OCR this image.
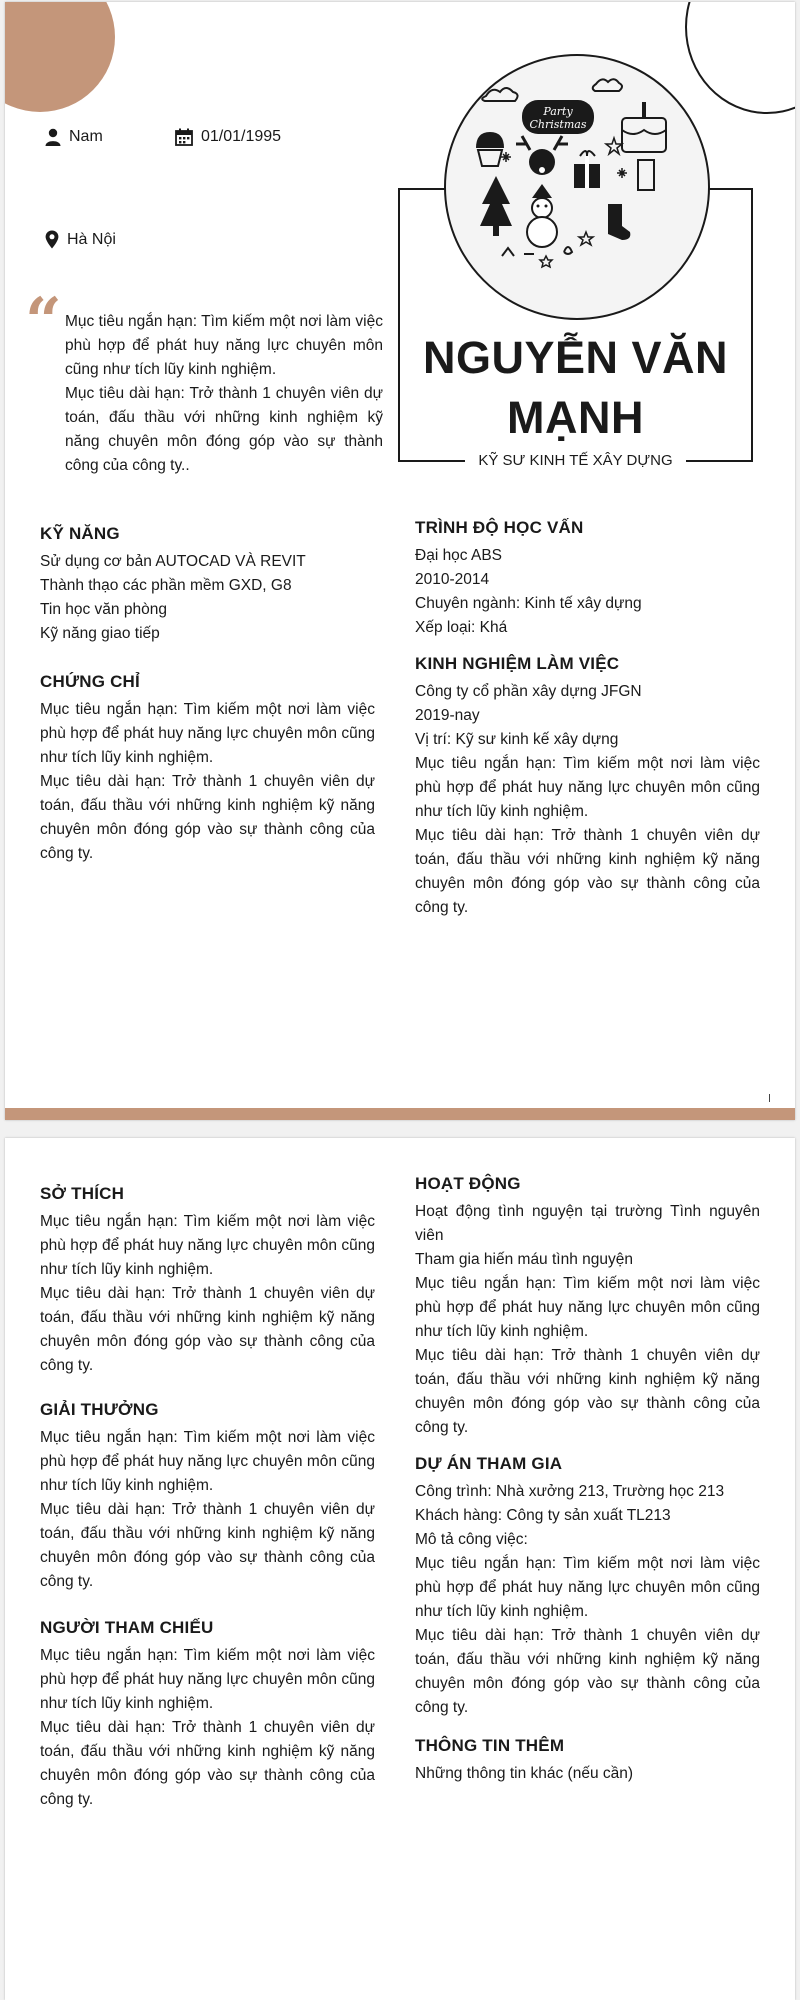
Nam	01/01/1995
Hà Nội
“ Mục tiêu ngắn hạn: Tìm kiếm một nơi làm việc phù hợp để phát huy năng lực chuyên môn cũng như tích lũy kinh nghiệm.

Mục tiêu dài hạn: Trở thành 1 chuyên viên dự toán, đấu thầu với những kinh nghiệm kỹ năng chuyên môn đóng góp vào sự thành công của công ty..

Party
Christmas
NGUYỄN VĂN
MẠNH
KỸ SƯ KINH TẾ XÂY DỰNG
KỸ NĂNG

Sử dụng cơ bản AUTOCAD VÀ REVIT

Thành thạo các phần mềm GXD, G8

Tin học văn phòng

Kỹ năng giao tiếp

CHỨNG CHỈ

Mục tiêu ngắn hạn: Tìm kiếm một nơi làm việc phù hợp để phát huy năng lực chuyên môn cũng như tích lũy kinh nghiệm.

Mục tiêu dài hạn: Trở thành 1 chuyên viên dự toán, đấu thầu với những kinh nghiệm kỹ năng chuyên môn đóng góp vào sự thành công của công ty.

TRÌNH ĐỘ HỌC VẤN

Đại học ABS

2010-2014

Chuyên ngành: Kinh tế xây dựng

Xếp loại: Khá

KINH NGHIỆM LÀM VIỆC

Công ty cổ phần xây dựng JFGN

2019-nay

Vị trí: Kỹ sư kinh kế xây dựng

Mục tiêu ngắn hạn: Tìm kiếm một nơi làm việc phù hợp để phát huy năng lực chuyên môn cũng như tích lũy kinh nghiệm.

Mục tiêu dài hạn: Trở thành 1 chuyên viên dự toán, đấu thầu với những kinh nghiệm kỹ năng chuyên môn đóng góp vào sự thành công của công ty.

SỞ THÍCH

Mục tiêu ngắn hạn: Tìm kiếm một nơi làm việc phù hợp để phát huy năng lực chuyên môn cũng như tích lũy kinh nghiệm.

Mục tiêu dài hạn: Trở thành 1 chuyên viên dự toán, đấu thầu với những kinh nghiệm kỹ năng chuyên môn đóng góp vào sự thành công của công ty.

GIẢI THƯỞNG

Mục tiêu ngắn hạn: Tìm kiếm một nơi làm việc phù hợp để phát huy năng lực chuyên môn cũng như tích lũy kinh nghiệm.

Mục tiêu dài hạn: Trở thành 1 chuyên viên dự toán, đấu thầu với những kinh nghiệm kỹ năng chuyên môn đóng góp vào sự thành công của công ty.

NGƯỜI THAM CHIẾU

Mục tiêu ngắn hạn: Tìm kiếm một nơi làm việc phù hợp để phát huy năng lực chuyên môn cũng như tích lũy kinh nghiệm.

Mục tiêu dài hạn: Trở thành 1 chuyên viên dự toán, đấu thầu với những kinh nghiệm kỹ năng chuyên môn đóng góp vào sự thành công của công ty.

HOẠT ĐỘNG

Hoạt động tình nguyện tại trường Tình nguyên viên

Tham gia hiến máu tình nguyện

Mục tiêu ngắn hạn: Tìm kiếm một nơi làm việc phù hợp để phát huy năng lực chuyên môn cũng như tích lũy kinh nghiệm.

Mục tiêu dài hạn: Trở thành 1 chuyên viên dự toán, đấu thầu với những kinh nghiệm kỹ năng chuyên môn đóng góp vào sự thành công của công ty.

DỰ ÁN THAM GIA

Công trình: Nhà xưởng 213, Trường học 213

Khách hàng: Công ty sản xuất TL213

Mô tả công việc:

Mục tiêu ngắn hạn: Tìm kiếm một nơi làm việc phù hợp để phát huy năng lực chuyên môn cũng như tích lũy kinh nghiệm.

Mục tiêu dài hạn: Trở thành 1 chuyên viên dự toán, đấu thầu với những kinh nghiệm kỹ năng chuyên môn đóng góp vào sự thành công của công ty.

THÔNG TIN THÊM

Những thông tin khác (nếu cần)
